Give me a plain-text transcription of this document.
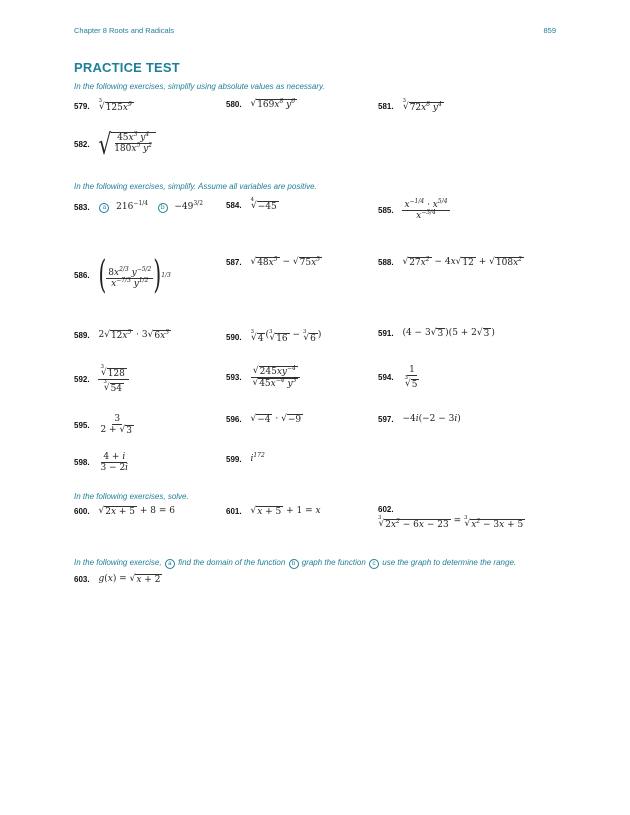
Chapter 8 Roots and Radicals	859
PRACTICE TEST
In the following exercises, simplify using absolute values as necessary.
579.
3
√ $125x^9$	580. √ $169x^8$ $y^6$	581.
3
√ $72x^8$ $y^4$
582. √ $\frac{45x^3 y^4}{180x^5 y^2}$
In the following exercises, simplify. Assume all variables are positive.
583. a  $216^{-1/4}$   $b -49^{3/2}$	584.
4
√ −45	585. $\frac{x^{-1/4} \cdot x^{5/4}}{x^{-3/4}}$
586. ( $\frac{8x^{2/3} y^{-5/2}}{x^{-7/3} y^{1/2}} )^{1/3}$
587. √ $48x^5$ − √ $75x^5$	588. √ $27x^2 - 4x$ √ 12 + √ $108x^2$
589. 2 √ $12x^5 \cdot 3$ √ $6x^3$	590.
3
√ 4 ( 3
√ 16 − 3
√ 6 )	591. (4 − 3 √ 3 )(5 + 2 √ 3 )
592. 3
√ 128
3
√ 54	593. $\frac{√ 245xy^{-4}}{√ 45x^{-4} y^3}$	594. 1
3
√ 5
595. $\frac{3}{2 + √ 3}$	596. √ −4 · √ −9	597. −4i(−2 − 3i)
598. $\frac{4 + i}{3 - 2i}$	599. $i^{172}$
In the following exercises, solve.
600. √ 2x + 5 + 8 = 6	601. √ x + 5 + 1 = x	602.
3
√ $2x^2 - 6x - 23 = 3$
√ $x^2 - 3x + 5$
In the following exercise, a find the domain of the function b graph the function c use the graph to determine the range.
603. g(x) = √ x + 2
